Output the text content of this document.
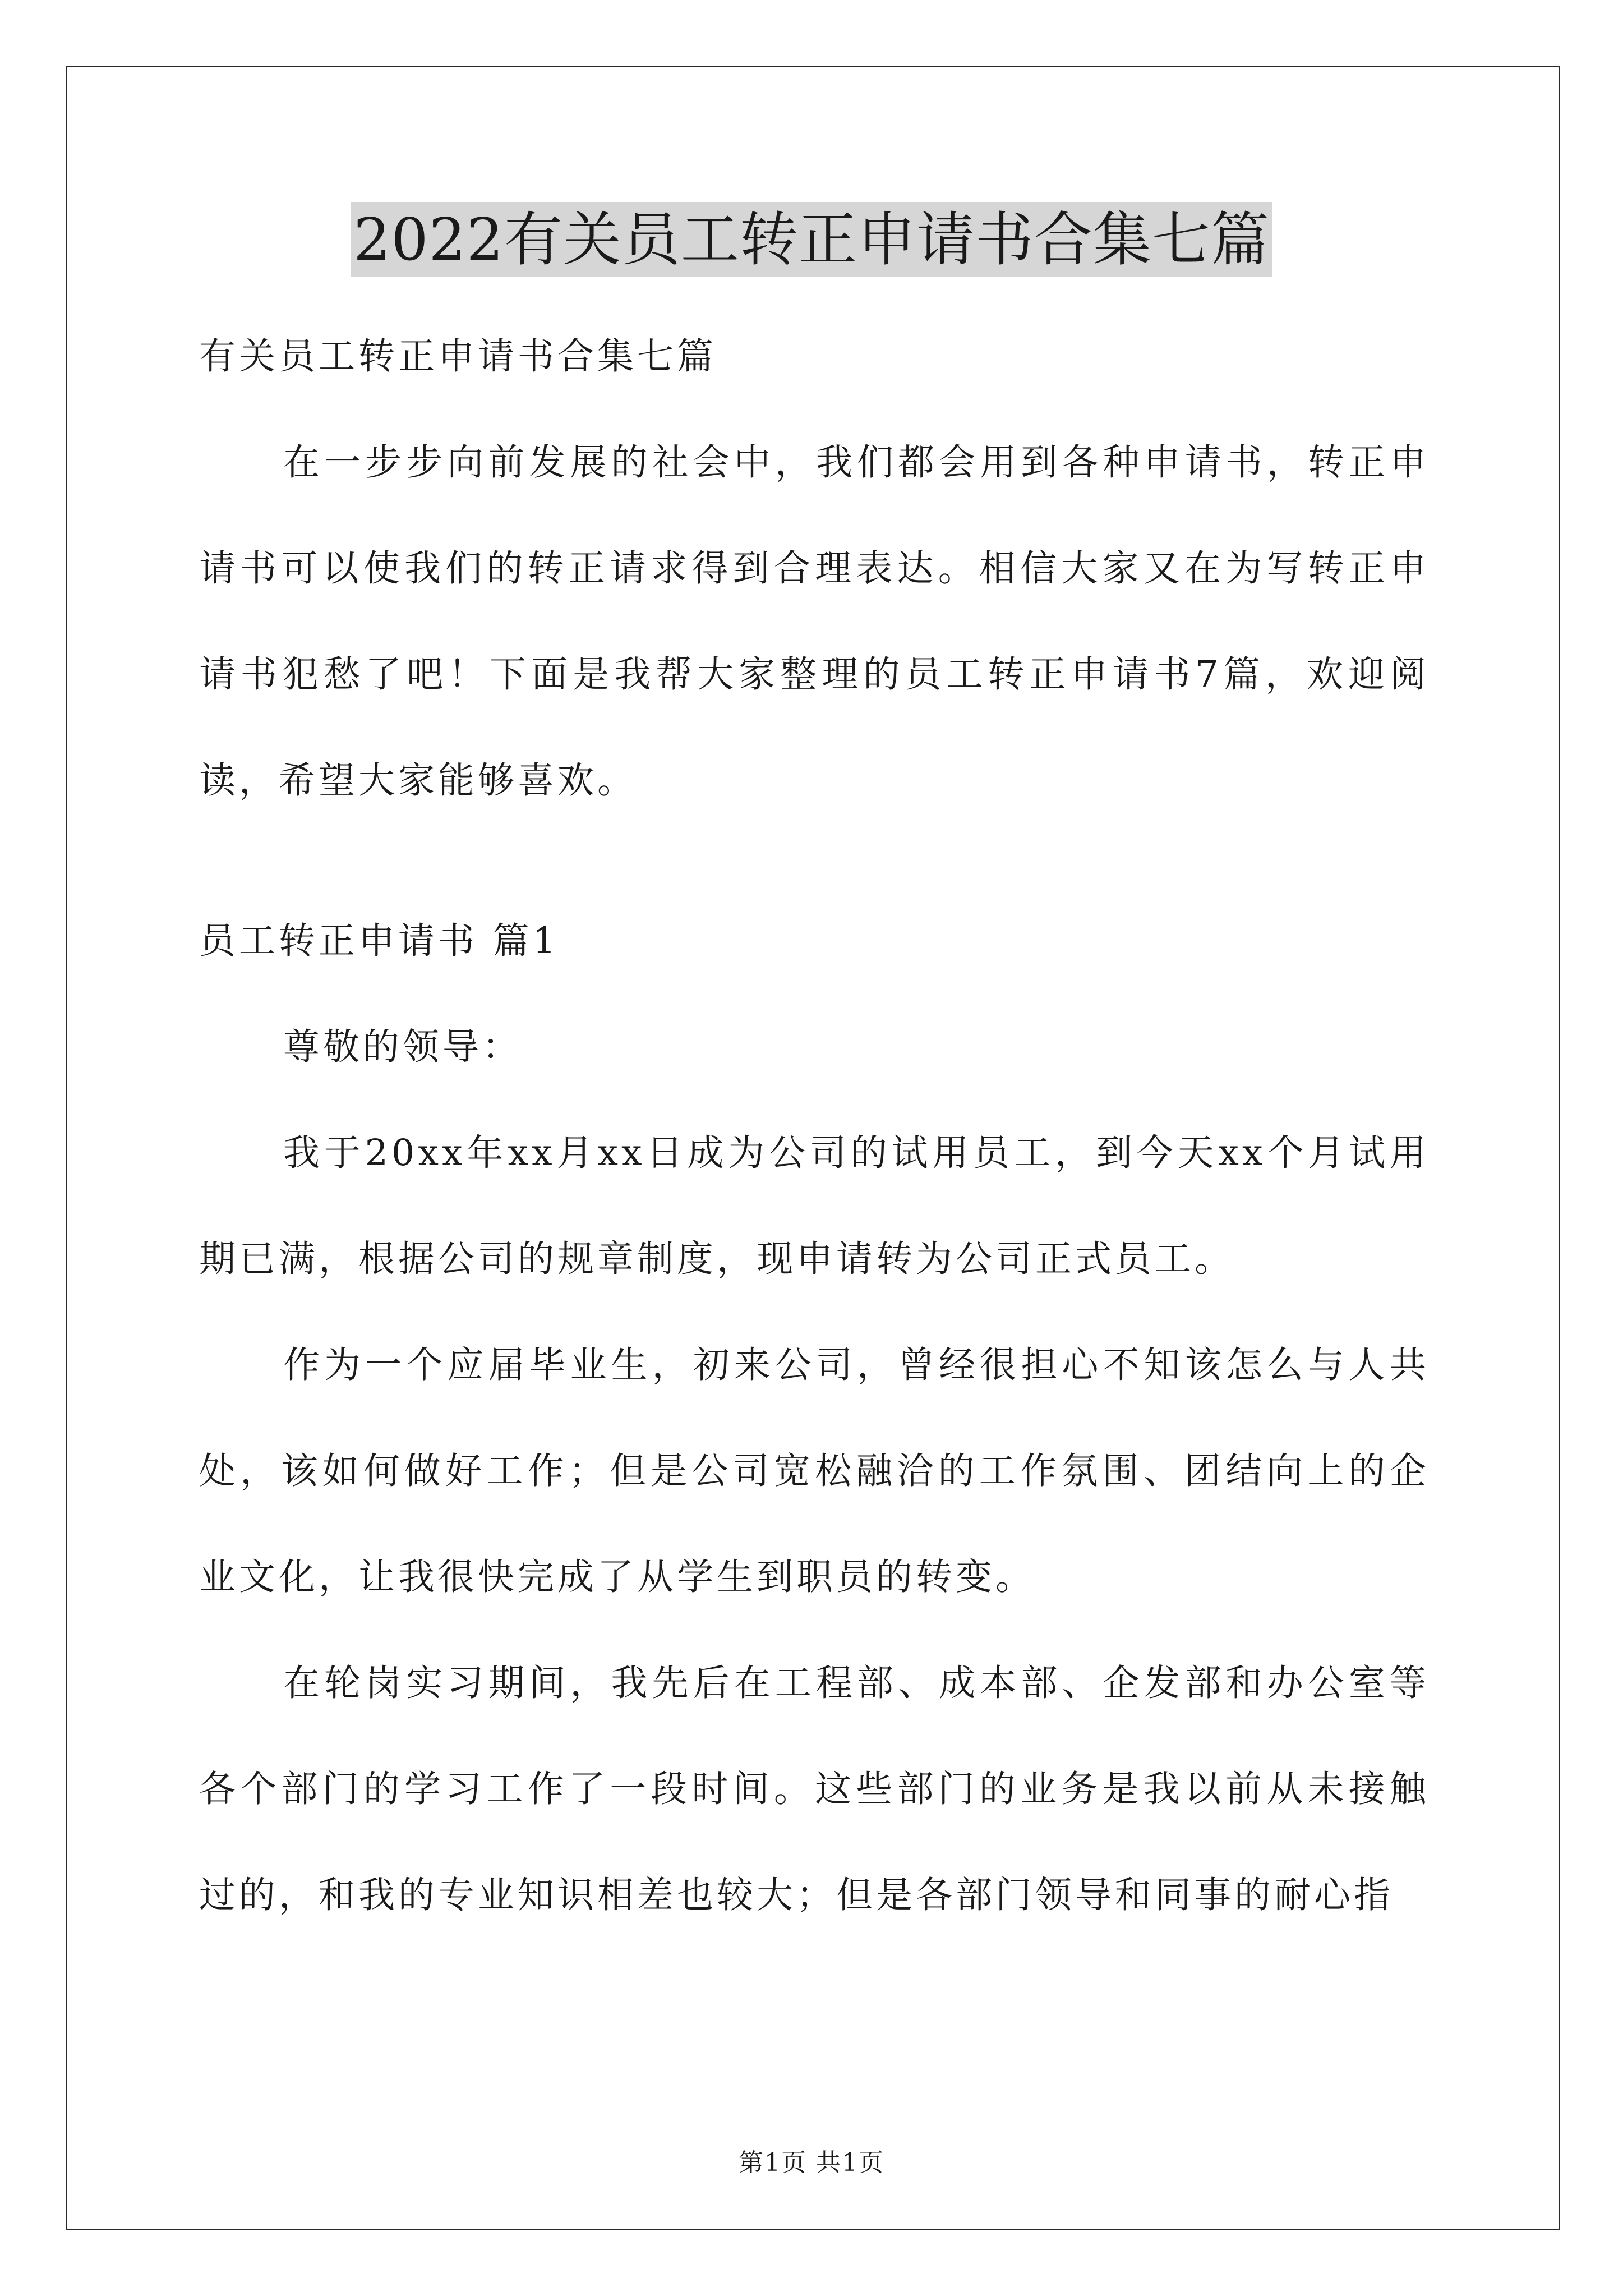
2022有关员工转正申请书合集七篇
有关员工转正申请书合集七篇
在一步步向前发展的社会中，我们都会用到各种申请书，转正申请书可以使我们的转正请求得到合理表达。相信大家又在为写转正申请书犯愁了吧！下面是我帮大家整理的员工转正申请书7篇，欢迎阅读，希望大家能够喜欢。
员工转正申请书 篇1
尊敬的领导：
我于20xx年xx月xx日成为公司的试用员工，到今天xx个月试用期已满，根据公司的规章制度，现申请转为公司正式员工。
作为一个应届毕业生，初来公司，曾经很担心不知该怎么与人共处，该如何做好工作；但是公司宽松融洽的工作氛围、团结向上的企业文化，让我很快完成了从学生到职员的转变。
在轮岗实习期间，我先后在工程部、成本部、企发部和办公室等各个部门的学习工作了一段时间。这些部门的业务是我以前从未接触过的，和我的专业知识相差也较大；但是各部门领导和同事的耐心指
第1页 共1页
